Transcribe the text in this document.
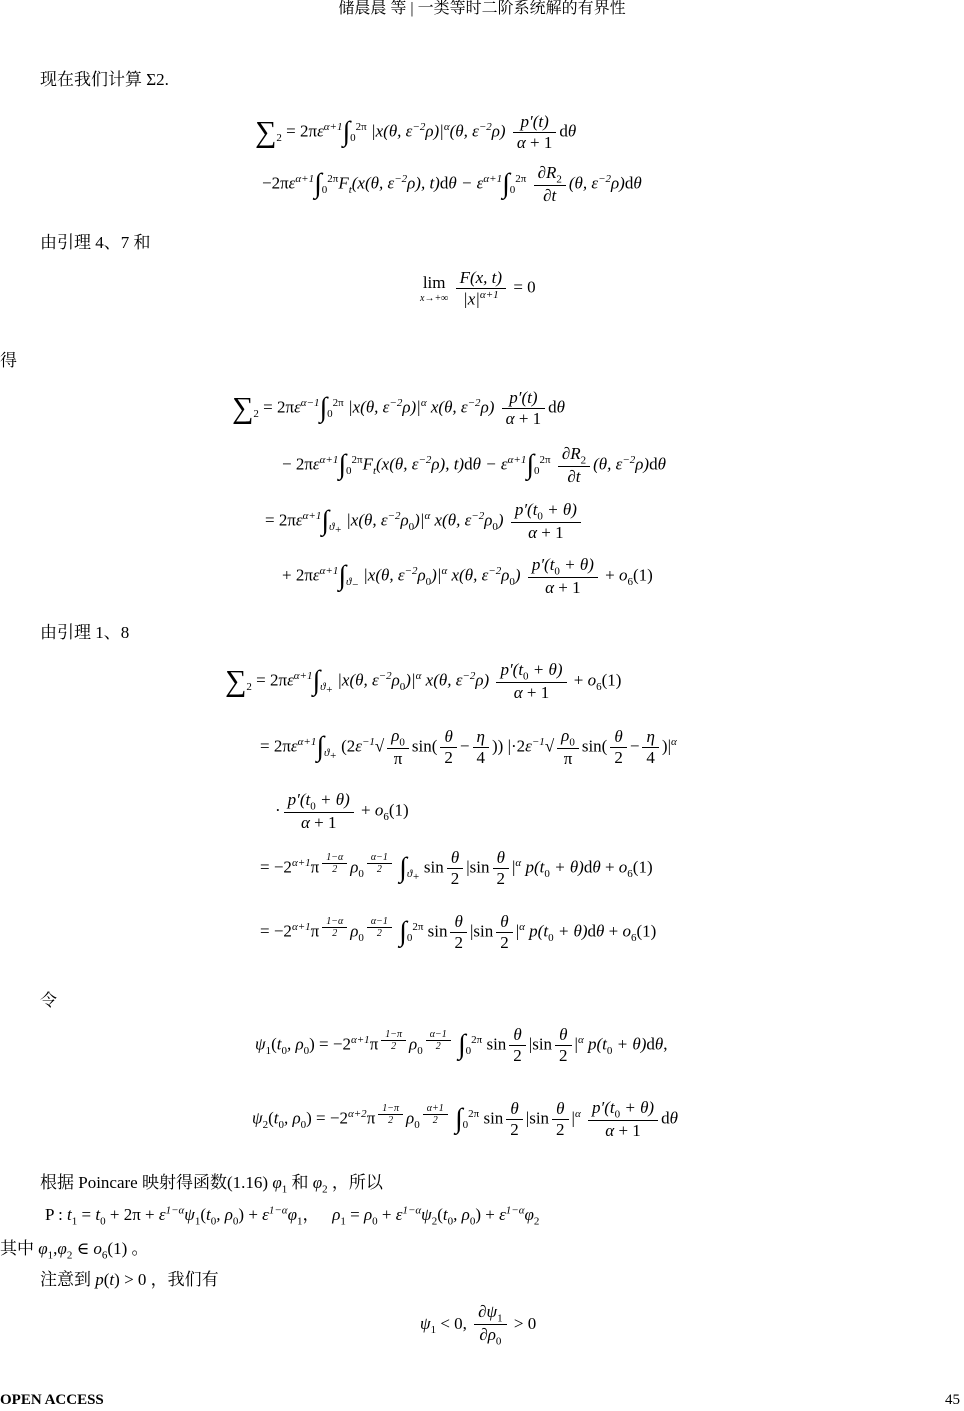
储晨晨 等 | 一类等时二阶系统解的有界性
现在我们计算 Σ2.
$\sum_2 = 2\pi\varepsilon^{\alpha+1}\int_0^{2\pi}$ |x(θ, $\varepsilon^{-2}\rho)|^\alpha(\theta$, $\varepsilon^{-2}\rho) \frac{p'(t)}{\alpha + 1}$ dθ
$-2\pi\varepsilon^{\alpha+1}\int_0^{2\pi}F_t(x(\theta$, $\varepsilon^{-2}\rho$), $t)d\theta - \varepsilon^{\alpha+1}\int_0^{2\pi} \frac{\partial R_2}{\partial t} (\theta$, $\varepsilon^{-2}\rho)d\theta$
由引理 4、7 和
lim
x→+∞
$\frac{F(x, t)}{|x|^{\alpha+1}} = 0$
得
$\sum_2 = 2\pi\varepsilon^{\alpha-1}\int_0^{2\pi}$ |x(θ, $\varepsilon^{-2}\rho)|^\alpha$ x(θ, $\varepsilon^{-2}\rho) \frac{p'(t)}{\alpha + 1}$ dθ
− $2\pi\varepsilon^{\alpha+1}\int_0^{2\pi}F_t(x(\theta$, $\varepsilon^{-2}\rho$), $t)d\theta - \varepsilon^{\alpha+1}\int_0^{2\pi} \frac{\partial R_2}{\partial t} (\theta$, $\varepsilon^{-2}\rho)d\theta$
= $2\pi\varepsilon^{\alpha+1}\int_{ϑ_+}$ |x(θ, $\varepsilon^{-2}\rho_0)|^\alpha$ x(θ, $\varepsilon^{-2}\rho_0) \frac{p'(t_0 + \theta)}{\alpha + 1}$
+ $2\pi\varepsilon^{\alpha+1}\int_{ϑ_-}$ |x(θ, $\varepsilon^{-2}\rho_0)|^\alpha$ x(θ, $\varepsilon^{-2}\rho_0) \frac{p'(t_0 + \theta)}{\alpha + 1} + o_6(1)$
由引理 1、8
$\sum_2 = 2\pi\varepsilon^{\alpha+1}\int_{ϑ_+}$ |x(θ, $\varepsilon^{-2}\rho_0)|^\alpha$ x(θ, $\varepsilon^{-2}\rho) \frac{p'(t_0 + \theta)}{\alpha + 1} + o_6(1)$
= $2\pi\varepsilon^{\alpha+1}\int_{ϑ_+}$ ($2\varepsilon^{-1}√ \frac{\rho_0}{\pi} \sin( \frac{\theta}{2} - \frac{\eta}{4}$ )) $|\cdot 2\varepsilon^{-1}√ \frac{\rho_0}{\pi} \sin( \frac{\theta}{2} - \frac{\eta}{4} )|^\alpha$
· $\frac{p'(t_0 + \theta)}{\alpha + 1} + o_6(1)$
= $-2^{\alpha+1}\pi$ $^{\frac{1-\alpha}{2}}$ $\rho_0$ $^{\frac{\alpha-1}{2}}$ $\int_{ϑ_+}$ $\sin \frac{\theta}{2} |\sin \frac{\theta}{2} |^\alpha$ $p(t_0 + \theta)d\theta + o_6(1)$
= $-2^{\alpha+1}\pi$ $^{\frac{1-\alpha}{2}}$ $\rho_0$ $^{\frac{\alpha-1}{2}}$ $\int_0^{2\pi}$ $\sin \frac{\theta}{2} |\sin \frac{\theta}{2} |^\alpha$ $p(t_0 + \theta)d\theta + o_6(1)$
令
$\psi_1(t_0$, $\rho_0) = -2^{\alpha+1}\pi$ $^{\frac{1-\pi}{2}}$ $\rho_0$ $^{\frac{\alpha-1}{2}}$ $\int_0^{2\pi}$ $\sin \frac{\theta}{2} |\sin \frac{\theta}{2} |^\alpha$ $p(t_0 + \theta)d\theta$,
$\psi_2(t_0$, $\rho_0) = -2^{\alpha+2}\pi$ $^{\frac{1-\pi}{2}}$ $\rho_0$ $^{\frac{\alpha+1}{2}}$ $\int_0^{2\pi}$ $\sin \frac{\theta}{2} |\sin \frac{\theta}{2} |^\alpha \frac{p'(t_0 + \theta)}{\alpha + 1}$ dθ
根据 Poincare 映射得函数(1.16) $\varphi_1$ 和 $\varphi_2$ ，所以
P : $t_1 = t_0 + 2\pi + \varepsilon^{1-\alpha}\psi_1(t_0$, $\rho_0) + \varepsilon^{1-\alpha}\varphi_1$，   $\rho_1 = \rho_0 + \varepsilon^{1-\alpha}\psi_2(t_0$, $\rho_0) + \varepsilon^{1-\alpha}\varphi_2$
其中 $\varphi_1,\varphi_2$ ∈ $o_6(1)$ 。
注意到 p(t) > 0 ，我们有
$\psi_1 < 0$, $\frac{\partial\psi_1}{\partial\rho_0} > 0$
OPEN ACCESS	45
